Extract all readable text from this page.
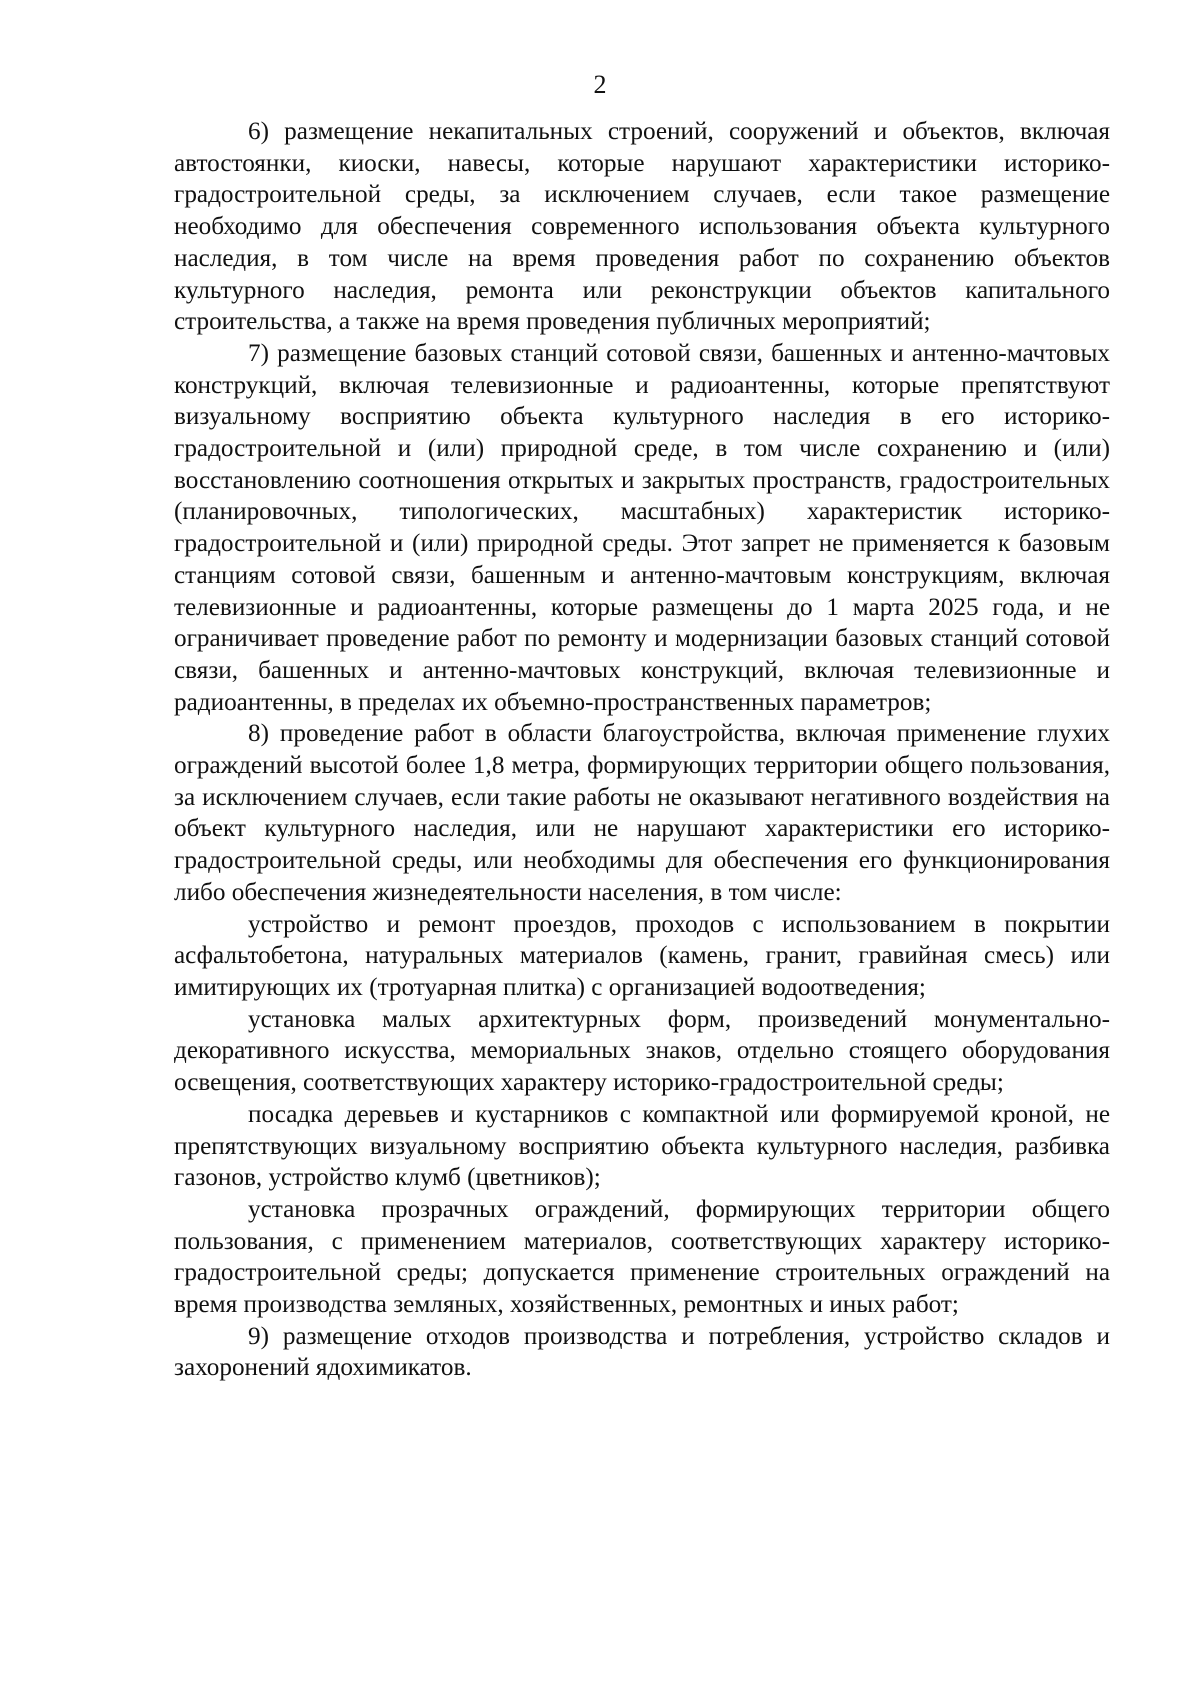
2

6) размещение некапитальных строений, сооружений и объектов, включая автостоянки, киоски, навесы, которые нарушают характеристики историко-градостроительной среды, за исключением случаев, если такое размещение необходимо для обеспечения современного использования объекта культурного наследия, в том числе на время проведения работ по сохранению объектов культурного наследия, ремонта или реконструкции объектов капитального строительства, а также на время проведения публичных мероприятий;

7) размещение базовых станций сотовой связи, башенных и антенно-мачтовых конструкций, включая телевизионные и радиоантенны, которые препятствуют визуальному восприятию объекта культурного наследия в его историко-градостроительной и (или) природной среде, в том числе сохранению и (или) восстановлению соотношения открытых и закрытых пространств, градостроительных (планировочных, типологических, масштабных) характеристик историко-градостроительной и (или) природной среды. Этот запрет не применяется к базовым станциям сотовой связи, башенным и антенно-мачтовым конструкциям, включая телевизионные и радиоантенны, которые размещены до 1 марта 2025 года, и не ограничивает проведение работ по ремонту и модернизации базовых станций сотовой связи, башенных и антенно-мачтовых конструкций, включая телевизионные и радиоантенны, в пределах их объемно-пространственных параметров;

8) проведение работ в области благоустройства, включая применение глухих ограждений высотой более 1,8 метра, формирующих территории общего пользования, за исключением случаев, если такие работы не оказывают негативного воздействия на объект культурного наследия, или не нарушают характеристики его историко-градостроительной среды, или необходимы для обеспечения его функционирования либо обеспечения жизнедеятельности населения, в том числе:

устройство и ремонт проездов, проходов с использованием в покрытии асфальтобетона, натуральных материалов (камень, гранит, гравийная смесь) или имитирующих их (тротуарная плитка) с организацией водоотведения;

установка малых архитектурных форм, произведений монументально-декоративного искусства, мемориальных знаков, отдельно стоящего оборудования освещения, соответствующих характеру историко-градостроительной среды;

посадка деревьев и кустарников с компактной или формируемой кроной, не препятствующих визуальному восприятию объекта культурного наследия, разбивка газонов, устройство клумб (цветников);

установка прозрачных ограждений, формирующих территории общего пользования, с применением материалов, соответствующих характеру историко-градостроительной среды; допускается применение строительных ограждений на время производства земляных, хозяйственных, ремонтных и иных работ;

9) размещение отходов производства и потребления, устройство складов и захоронений ядохимикатов.
